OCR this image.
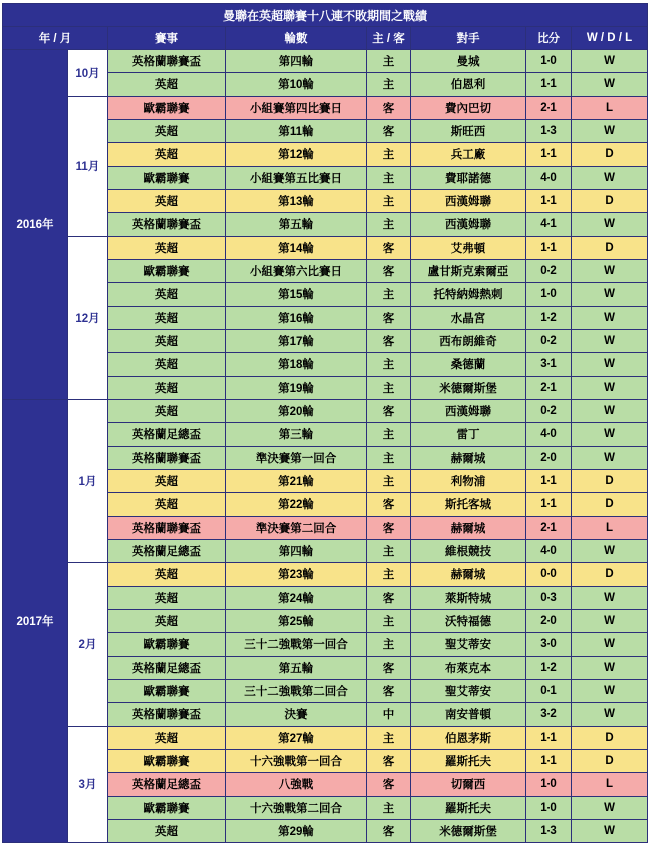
曼聯在英超聯賽十八連不敗期間之戰績							
年 / 月		賽事	輪數	主 / 客	對手	比分	W / D / L
2016年	10月	英格蘭聯賽盃	第四輪	主	曼城	1-0	W
		英超	第10輪	主	伯恩利	1-1	W
	11月	歐霸聯賽	小組賽第四比賽日	客	費內巴切	2-1	L
		英超	第11輪	客	斯旺西	1-3	W
		英超	第12輪	主	兵工廠	1-1	D
		歐霸聯賽	小組賽第五比賽日	主	費耶諾德	4-0	W
		英超	第13輪	主	西漢姆聯	1-1	D
		英格蘭聯賽盃	第五輪	主	西漢姆聯	4-1	W
	12月	英超	第14輪	客	艾弗頓	1-1	D
		歐霸聯賽	小組賽第六比賽日	客	盧甘斯克索爾亞	0-2	W
		英超	第15輪	主	托特納姆熱刺	1-0	W
		英超	第16輪	客	水晶宮	1-2	W
		英超	第17輪	客	西布朗維奇	0-2	W
		英超	第18輪	主	桑德蘭	3-1	W
		英超	第19輪	主	米德爾斯堡	2-1	W
2017年	1月	英超	第20輪	客	西漢姆聯	0-2	W
		英格蘭足總盃	第三輪	主	雷丁	4-0	W
		英格蘭聯賽盃	準決賽第一回合	主	赫爾城	2-0	W
		英超	第21輪	主	利物浦	1-1	D
		英超	第22輪	客	斯托客城	1-1	D
		英格蘭聯賽盃	準決賽第二回合	客	赫爾城	2-1	L
		英格蘭足總盃	第四輪	主	維根競技	4-0	W
	2月	英超	第23輪	主	赫爾城	0-0	D
		英超	第24輪	客	萊斯特城	0-3	W
		英超	第25輪	主	沃特福德	2-0	W
		歐霸聯賽	三十二強戰第一回合	主	聖艾蒂安	3-0	W
		英格蘭足總盃	第五輪	客	布萊克本	1-2	W
		歐霸聯賽	三十二強戰第二回合	客	聖艾蒂安	0-1	W
		英格蘭聯賽盃	決賽	中	南安普頓	3-2	W
	3月	英超	第27輪	主	伯恩茅斯	1-1	D
		歐霸聯賽	十六強戰第一回合	客	羅斯托夫	1-1	D
		英格蘭足總盃	八強戰	客	切爾西	1-0	L
		歐霸聯賽	十六強戰第二回合	主	羅斯托夫	1-0	W
		英超	第29輪	客	米德爾斯堡	1-3	W
